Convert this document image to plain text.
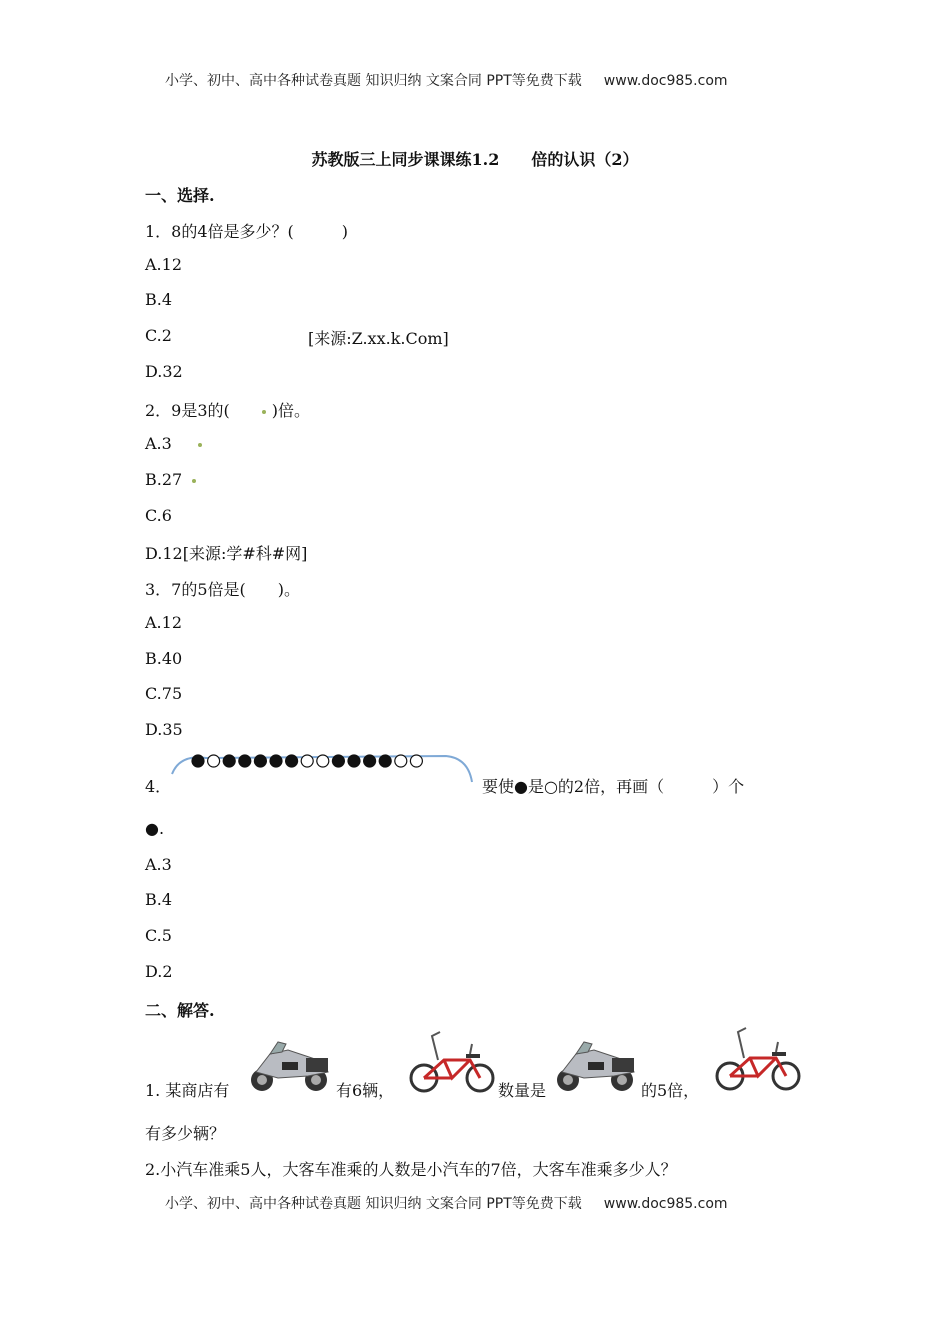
小学、初中、高中各种试卷真题 知识归纳 文案合同 PPT等免费下载 www.doc985.com
苏教版三上同步课课练1.2　　倍的认识（2）
一、选择.
1．8的4倍是多少？(　　　)
A.12
B.4
C.2	[来源:Z.xx.k.Com]
D.32
2．9是3的(　　)倍。
A.3
B.27
C.6
D.12[来源:学#科#网]
3．7的5倍是(　　)。
A.12
B.40
C.75
D.35
4．	要使●是○的2倍，再画（　　　）个
●.
A.3
B.4
C.5
D.2
二、解答.
1. 某商店有	有6辆，	数量是	的5倍，
有多少辆？
2.小汽车准乘5人，大客车准乘的人数是小汽车的7倍，大客车准乘多少人？
小学、初中、高中各种试卷真题 知识归纳 文案合同 PPT等免费下载 www.doc985.com
